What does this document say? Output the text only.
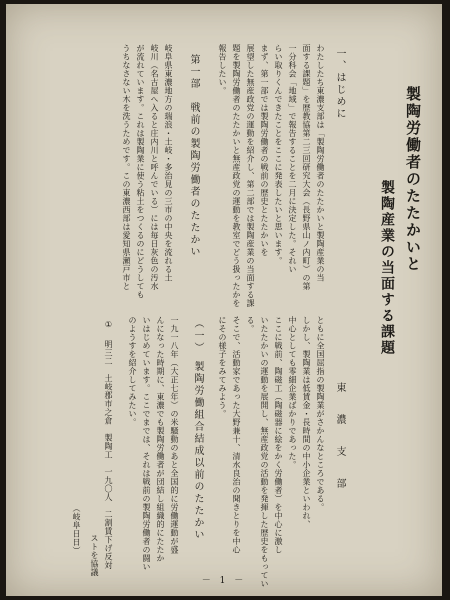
製陶労働者のたたかいと
製陶産業の当面する課題
一、はじめに
わたしたち東濃支部は「製陶労働者のたたかいと製陶産業の当
面する課題」を歴教協第二三回研究大会（長野県山ノ内町）の第
一分科会「地域」で報告することを二月に決定した。それい
らい取りくんできたことをここに発表したいと思います。
まず、第一部では製陶労働者の戦前の歴史とたたかいを
展望した無産政党の運動を紹介し、第二部では製陶産業の当面する課
題を製陶労働者のたたかいと無産政党の運動を教室でどう扱ったかを
報告したい。
第一部　戦前の製陶労働者のたたかい
岐阜県東濃地方の瑞浪・土岐・多治見の三市の中央を流れる土
岐川（名古屋へ入ると庄内川と呼んでいる）には毎日灰色の汚水
が流れています。これは製陶業に使う粘土をつくるのにどうしても
うちなさない木を洗うためです。この東濃西部は愛知県瀬戸市と
東　濃　支　部
ともに全国屈指の製陶業がさかんなところである。
しかし、製陶業は低賃金・長時間の中小企業といわれ、
中心としても零細企業ばかりであった。
ここに戦前、陶磁工（陶磁器に絵をかく労働者）を中心に激し
いたたかいの運動を展開し、無産政党の活動を発揮した歴史をもってい
る。
そこで、活動家であった大野兼十、清水良治の聞きとりを中心
にその様子をみてみよう。
（一）　製陶労働組合結成以前のたたかい
一九一八年（大正七年）の米騒動のあと全国的に労働運動が盛
んになった時期に、東濃でも製陶労働者が団結し組織的にたたか
いはじめています。ここでまでは、それは戦前の製陶労働者の闘い
のようすを紹介してみたい。
①
明三二　土岐郡市之倉　製陶工　一九〇人　二割賃下げ反対
ストを協議
（岐阜日日）
－ 1 －
